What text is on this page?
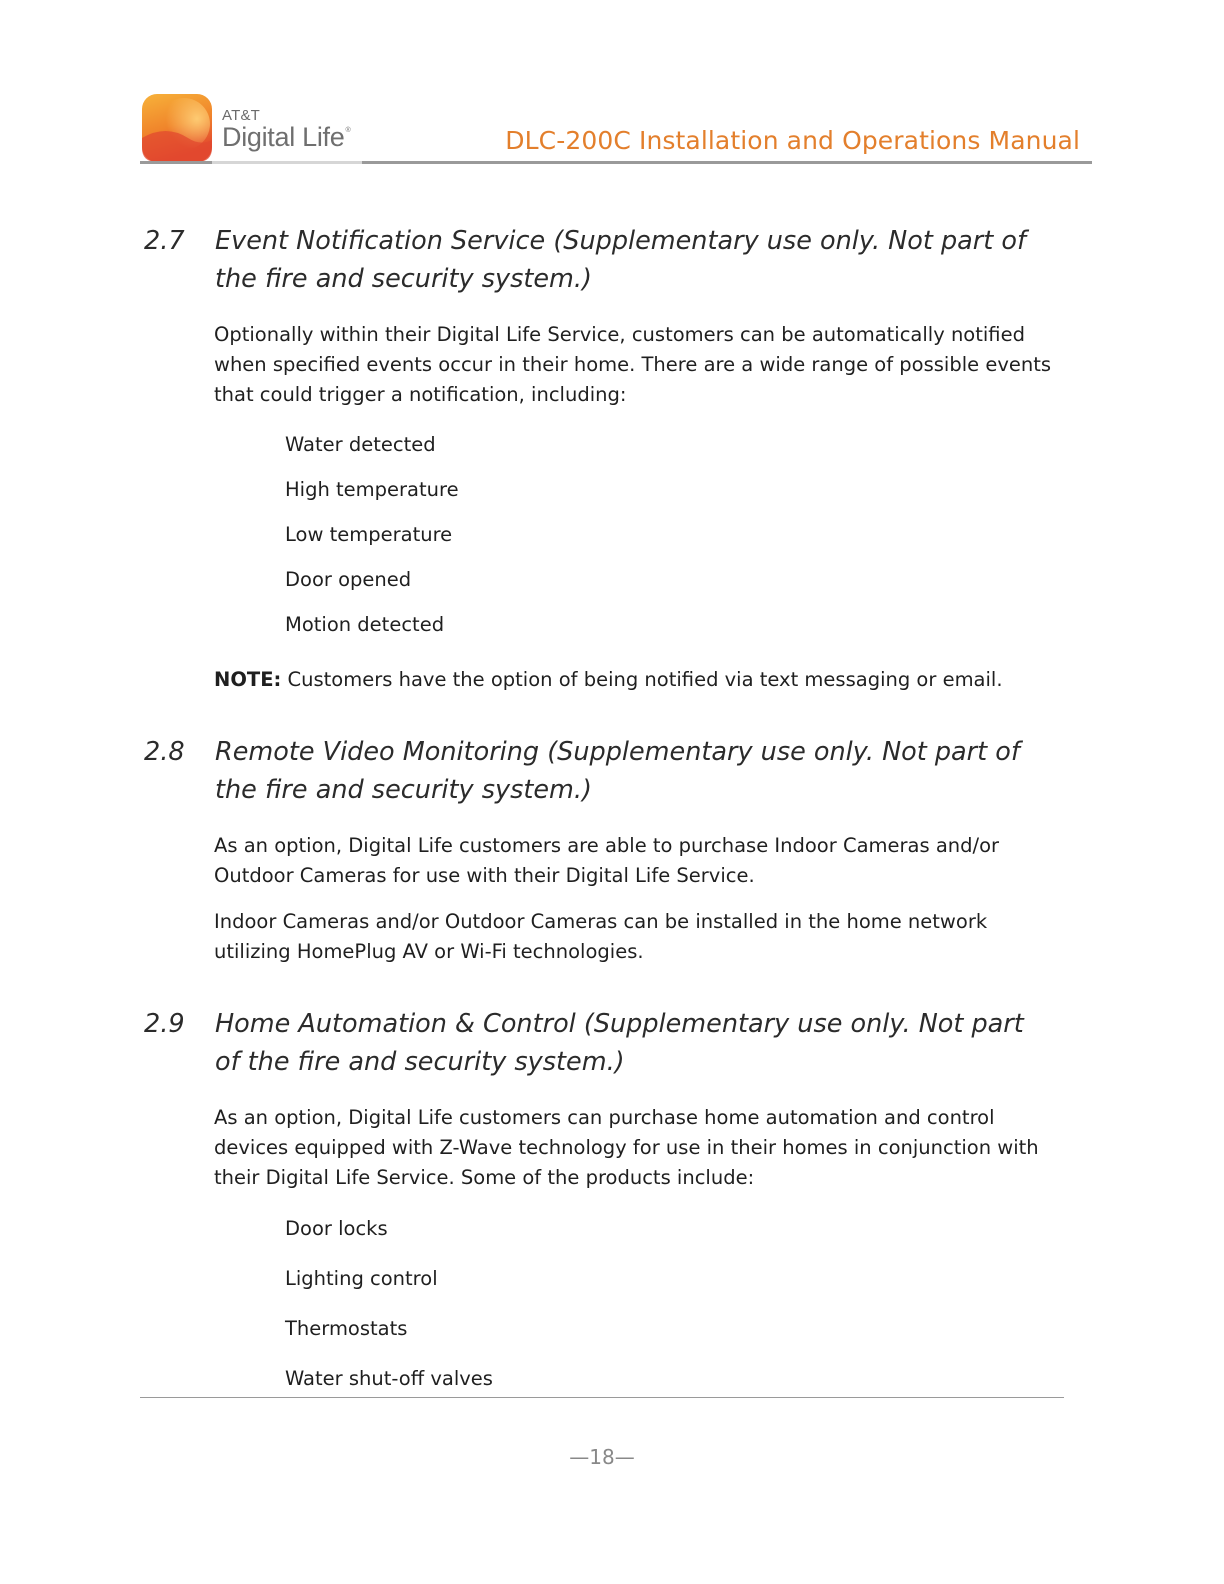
AT&T
Digital Life®	DLC-200C Installation and Operations Manual
2.7 Event Notification Service (Supplementary use only. Not part of
the fire and security system.)

Optionally within their Digital Life Service, customers can be automatically notified
when specified events occur in their home. There are a wide range of possible events
that could trigger a notification, including:

Water detected
High temperature
Low temperature
Door opened
Motion detected

NOTE: Customers have the option of being notified via text messaging or email.

2.8 Remote Video Monitoring (Supplementary use only. Not part of
the fire and security system.)

As an option, Digital Life customers are able to purchase Indoor Cameras and/or
Outdoor Cameras for use with their Digital Life Service.

Indoor Cameras and/or Outdoor Cameras can be installed in the home network
utilizing HomePlug AV or Wi-Fi technologies.

2.9 Home Automation & Control (Supplementary use only. Not part
of the fire and security system.)

As an option, Digital Life customers can purchase home automation and control
devices equipped with Z-Wave technology for use in their homes in conjunction with
their Digital Life Service. Some of the products include:

Door locks
Lighting control
Thermostats
Water shut-off valves
—18—
